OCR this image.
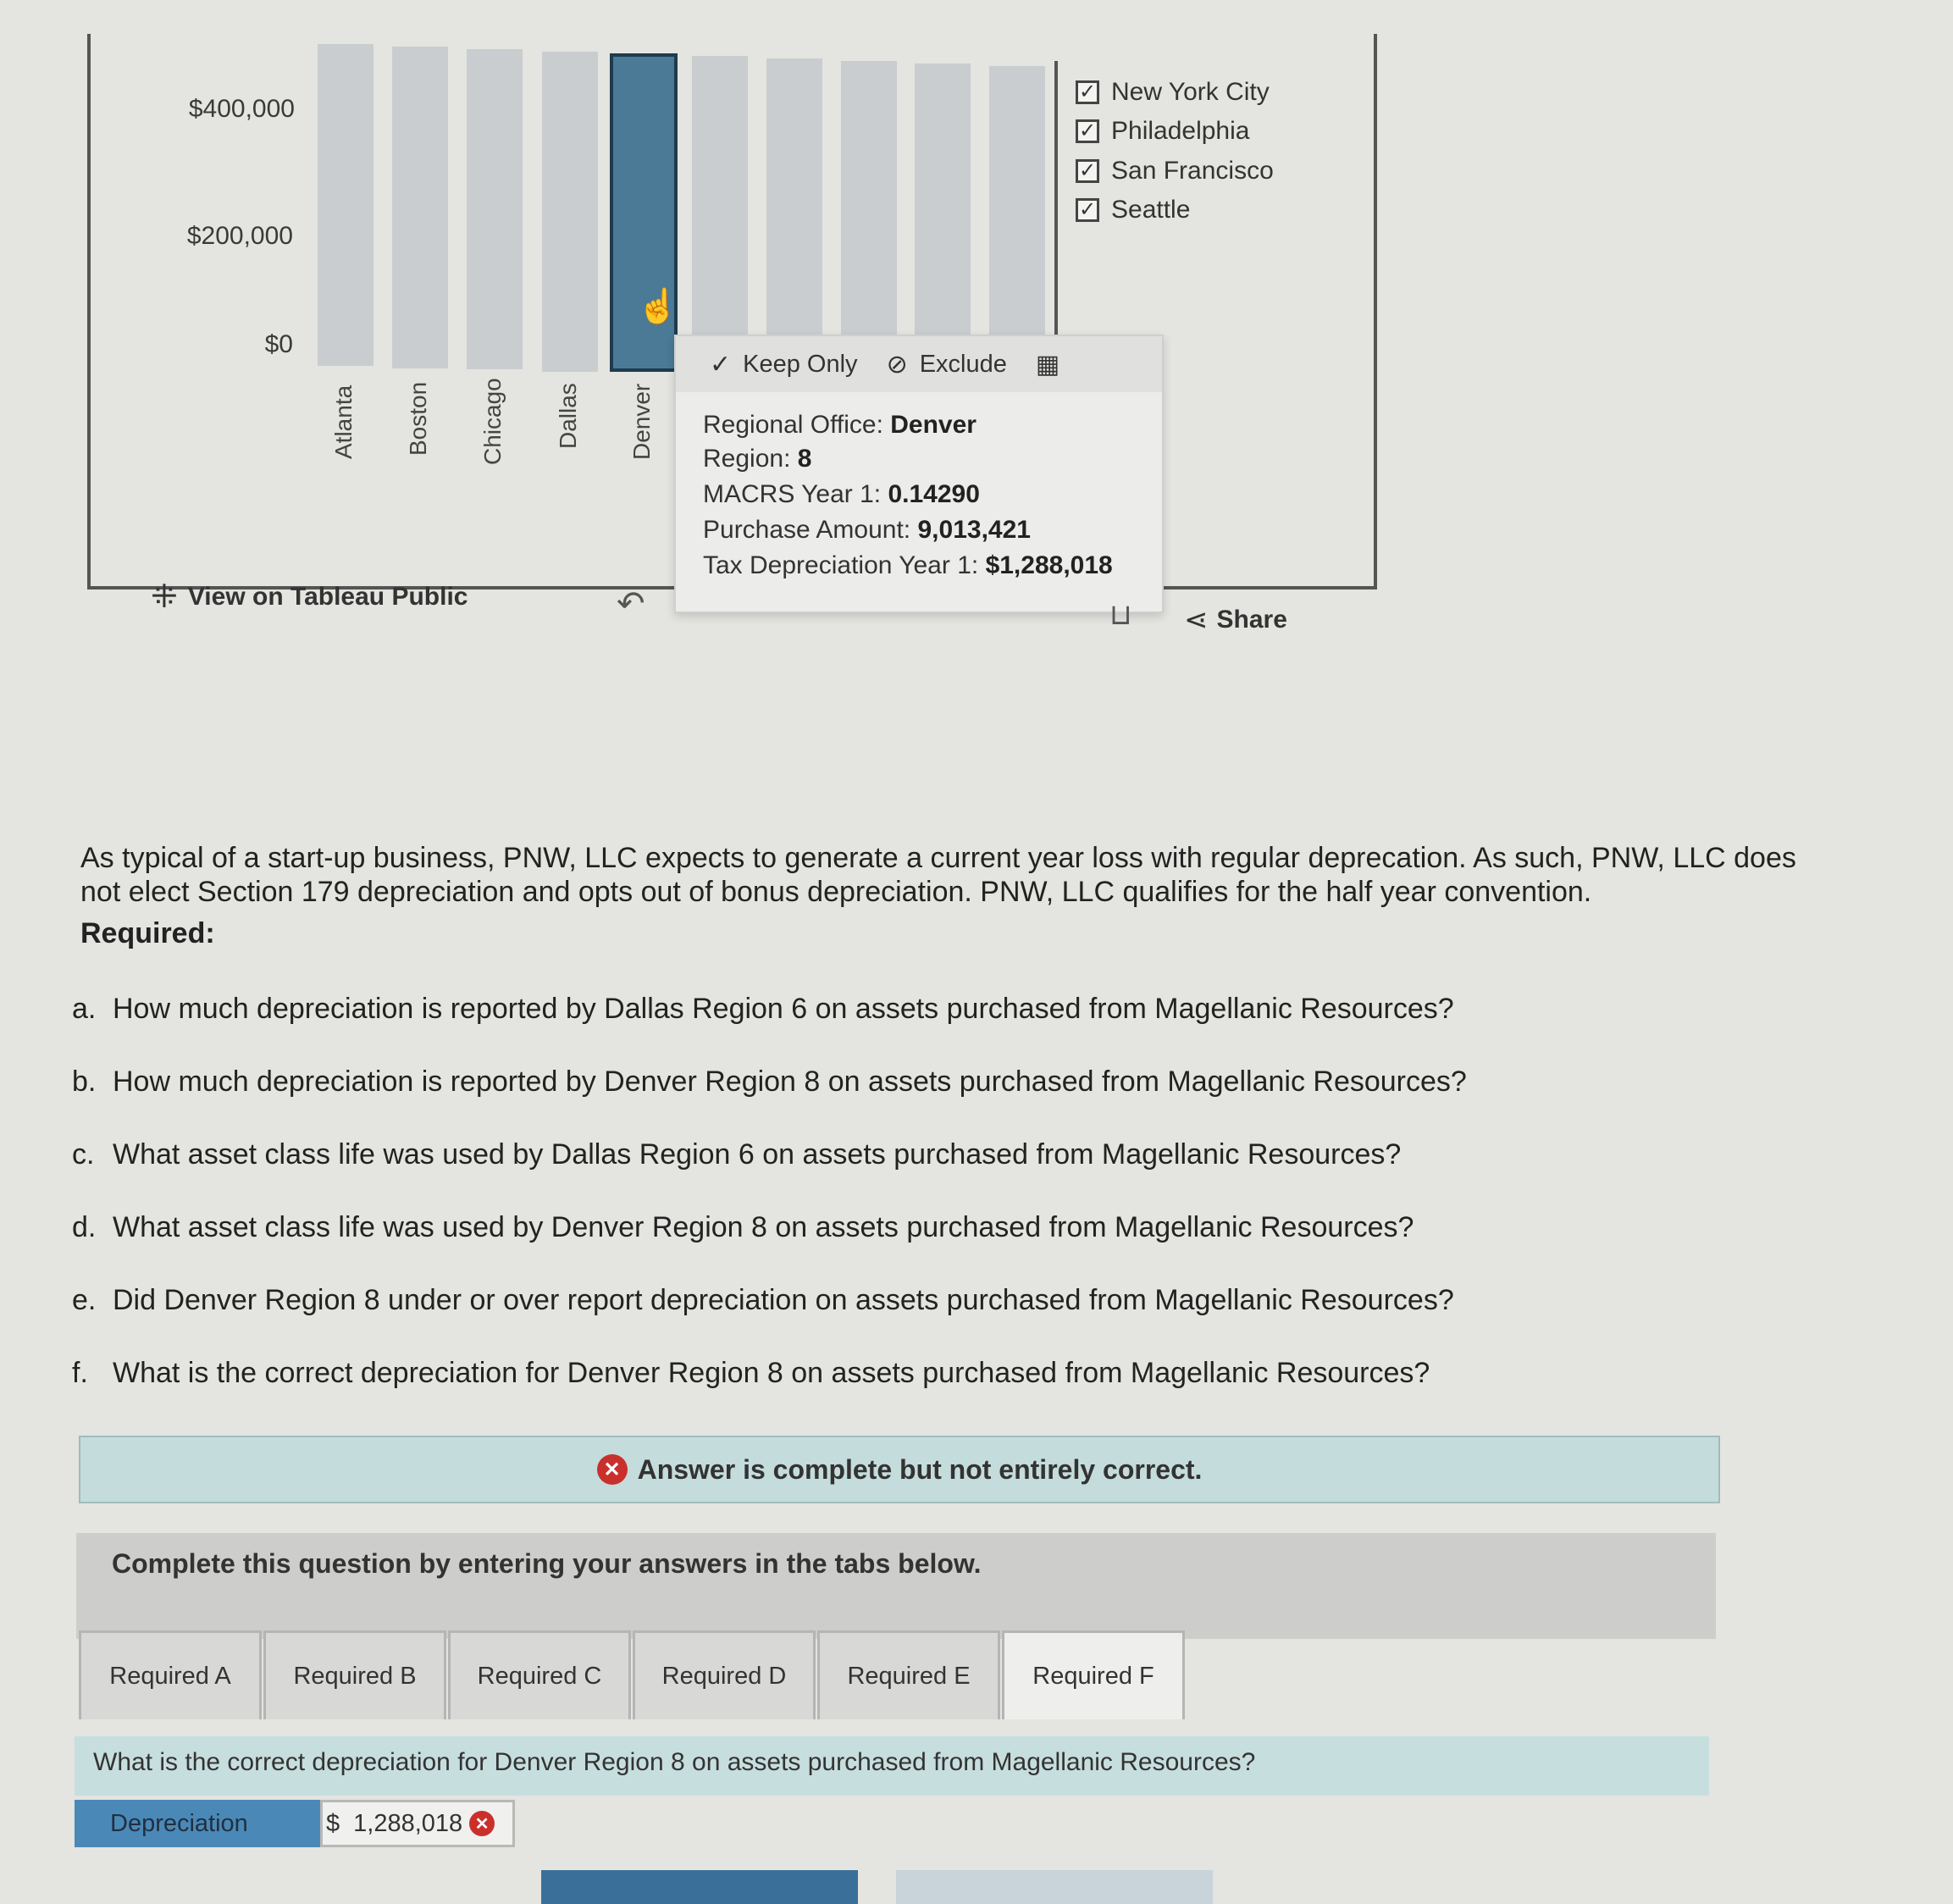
$400,000
$200,000
$0
☝
Atlanta Boston Chicago Dallas Denver
✓ New York City
✓ Philadelphia
✓ San Francisco
✓ Seattle
✓ Keep Only ⊘ Exclude ▦
Regional Office: Denver
Region: 8
MACRS Year 1: 0.14290
Purchase Amount: 9,013,421
Tax Depreciation Year 1: $1,288,018
⁜ View on Tableau Public	↶	⊔ ⋖ Share
As typical of a start-up business, PNW, LLC expects to generate a current year loss with regular deprecation. As such, PNW, LLC does
not elect Section 179 depreciation and opts out of bonus depreciation. PNW, LLC qualifies for the half year convention.
Required:
a. How much depreciation is reported by Dallas Region 6 on assets purchased from Magellanic Resources?
b. How much depreciation is reported by Denver Region 8 on assets purchased from Magellanic Resources?
c. What asset class life was used by Dallas Region 6 on assets purchased from Magellanic Resources?
d. What asset class life was used by Denver Region 8 on assets purchased from Magellanic Resources?
e. Did Denver Region 8 under or over report depreciation on assets purchased from Magellanic Resources?
f. What is the correct depreciation for Denver Region 8 on assets purchased from Magellanic Resources?
✕ Answer is complete but not entirely correct.
Complete this question by entering your answers in the tabs below.
Required A	Required B	Required C	Required D	Required E	Required F
What is the correct depreciation for Denver Region 8 on assets purchased from Magellanic Resources?
Depreciation	$ 1,288,018 ✕
